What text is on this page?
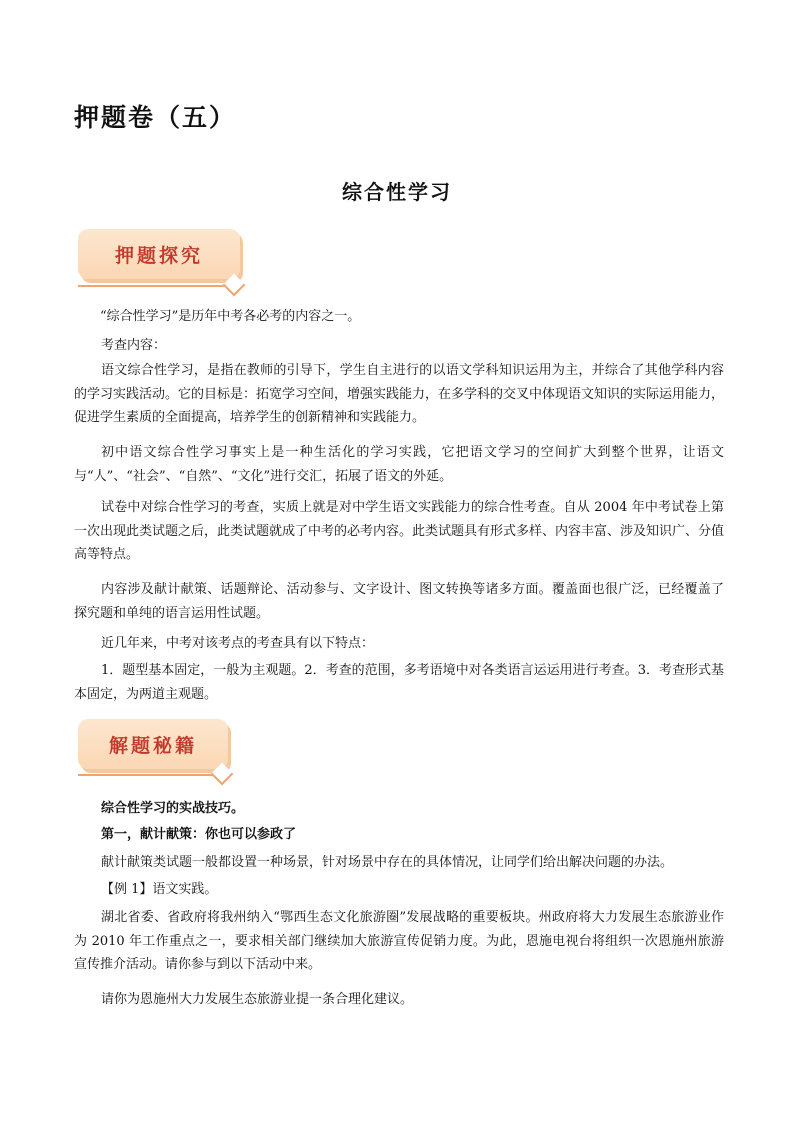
押题卷（五）
综合性学习
押题探究

“综合性学习”是历年中考各必考的内容之一。

考查内容：

语文综合性学习，是指在教师的引导下，学生自主进行的以语文学科知识运用为主，并综合了其他学科内容的学习实践活动。它的目标是：拓宽学习空间，增强实践能力，在多学科的交叉中体现语文知识的实际运用能力，促进学生素质的全面提高，培养学生的创新精神和实践能力。

初中语文综合性学习事实上是一种生活化的学习实践，它把语文学习的空间扩大到整个世界，让语文与“人”、“社会”、“自然”、“文化”进行交汇，拓展了语文的外延。

试卷中对综合性学习的考查，实质上就是对中学生语文实践能力的综合性考查。自从 2004 年中考试卷上第一次出现此类试题之后，此类试题就成了中考的必考内容。此类试题具有形式多样、内容丰富、涉及知识广、分值高等特点。

内容涉及献计献策、话题辩论、活动参与、文字设计、图文转换等诸多方面。覆盖面也很广泛，已经覆盖了探究题和单纯的语言运用性试题。

近几年来，中考对该考点的考查具有以下特点：

1．题型基本固定，一般为主观题。2．考查的范围，多考语境中对各类语言运运用进行考查。3．考查形式基本固定，为两道主观题。

解题秘籍

综合性学习的实战技巧。

第一，献计献策：你也可以参政了

献计献策类试题一般都设置一种场景，针对场景中存在的具体情况，让同学们给出解决问题的办法。

【例 1】语文实践。

湖北省委、省政府将我州纳入“鄂西生态文化旅游圈”发展战略的重要板块。州政府将大力发展生态旅游业作为 2010 年工作重点之一，要求相关部门继续加大旅游宣传促销力度。为此，恩施电视台将组织一次恩施州旅游宣传推介活动。请你参与到以下活动中来。

请你为恩施州大力发展生态旅游业提一条合理化建议。
